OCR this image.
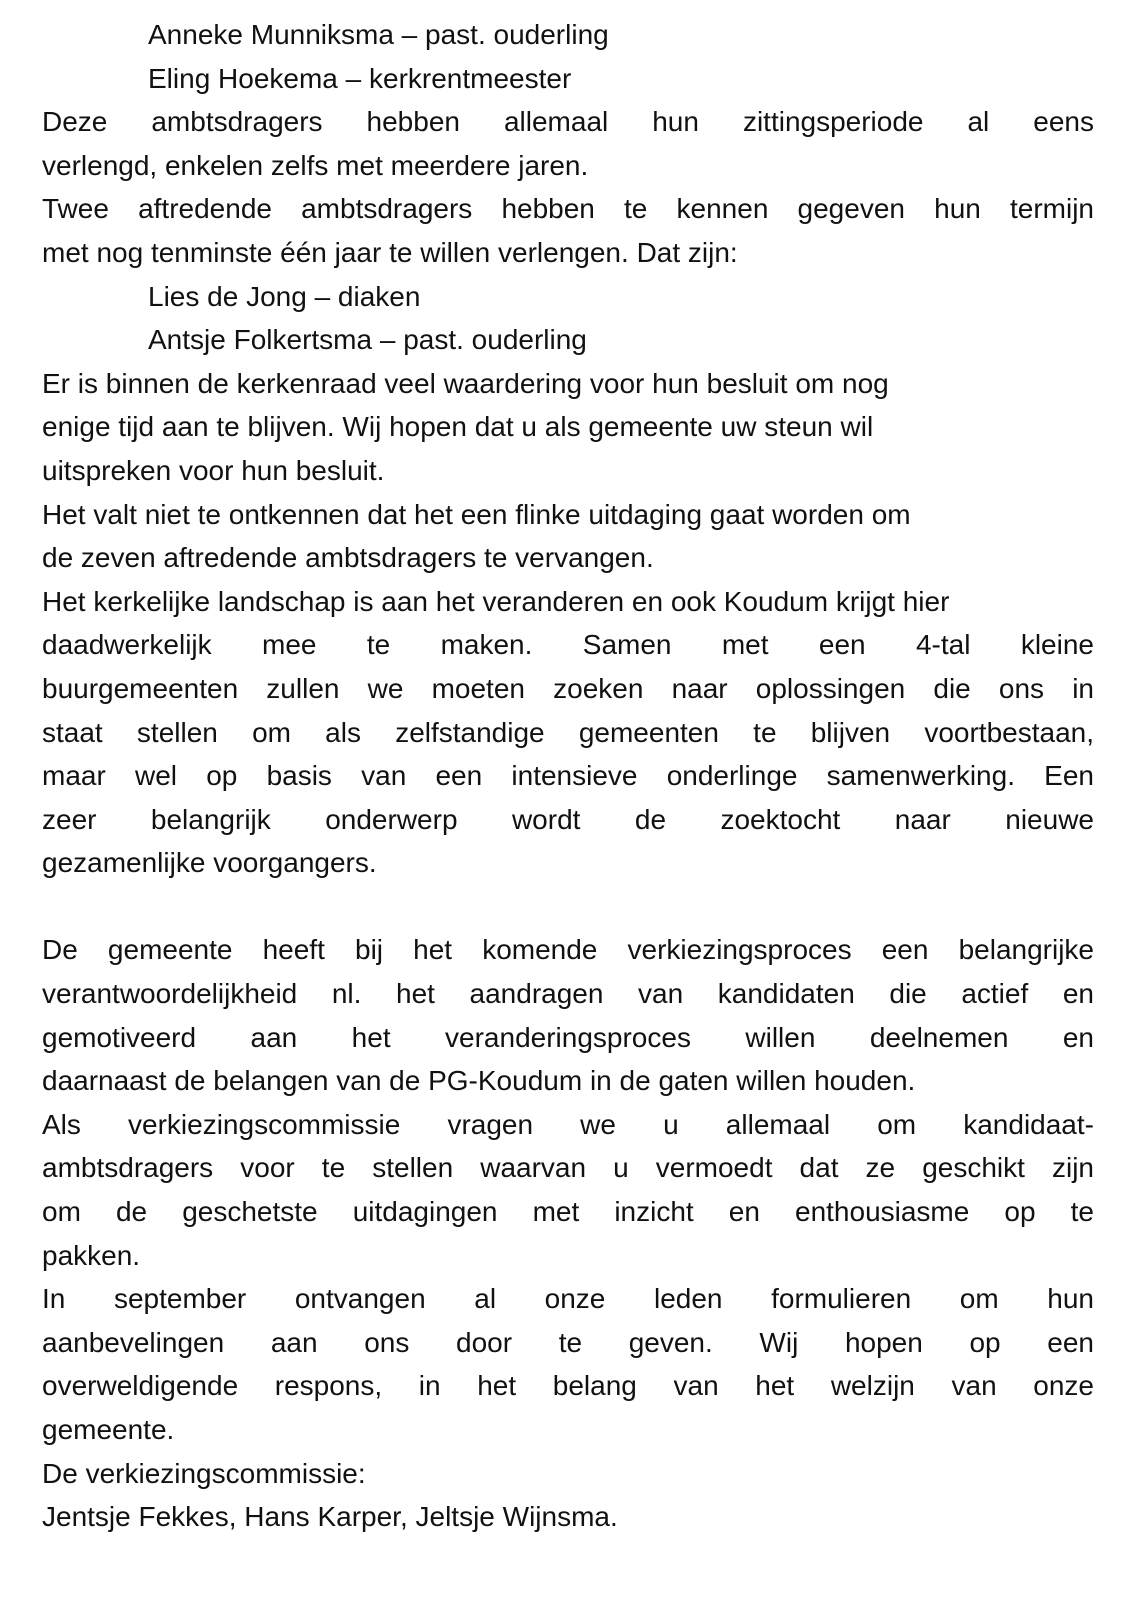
Anneke Munniksma – past. ouderling
Eling Hoekema – kerkrentmeester
Deze ambtsdragers hebben allemaal hun zittingsperiode al eens
verlengd, enkelen zelfs met meerdere jaren.
Twee aftredende ambtsdragers hebben te kennen gegeven hun termijn
met nog tenminste één jaar te willen verlengen. Dat zijn:
Lies de Jong – diaken
Antsje Folkertsma – past. ouderling
Er is binnen de kerkenraad veel waardering voor hun besluit om nog
enige tijd aan te blijven. Wij hopen dat u als gemeente uw steun wil
uitspreken voor hun besluit.
Het valt niet te ontkennen dat het een flinke uitdaging gaat worden om
de zeven aftredende ambtsdragers te vervangen.
Het kerkelijke landschap is aan het veranderen en ook Koudum krijgt hier
daadwerkelijk mee te maken. Samen met een 4-tal kleine
buurgemeenten zullen we moeten zoeken naar oplossingen die ons in
staat stellen om als zelfstandige gemeenten te blijven voortbestaan,
maar wel op basis van een intensieve onderlinge samenwerking. Een
zeer belangrijk onderwerp wordt de zoektocht naar nieuwe
gezamenlijke voorgangers.
De gemeente heeft bij het komende verkiezingsproces een belangrijke
verantwoordelijkheid nl. het aandragen van kandidaten die actief en
gemotiveerd aan het veranderingsproces willen deelnemen en
daarnaast de belangen van de PG-Koudum in de gaten willen houden.
Als verkiezingscommissie vragen we u allemaal om kandidaat-
ambtsdragers voor te stellen waarvan u vermoedt dat ze geschikt zijn
om de geschetste uitdagingen met inzicht en enthousiasme op te
pakken.
In september ontvangen al onze leden formulieren om hun
aanbevelingen aan ons door te geven. Wij hopen op een
overweldigende respons, in het belang van het welzijn van onze
gemeente.
De verkiezingscommissie:
Jentsje Fekkes, Hans Karper, Jeltsje Wijnsma.
